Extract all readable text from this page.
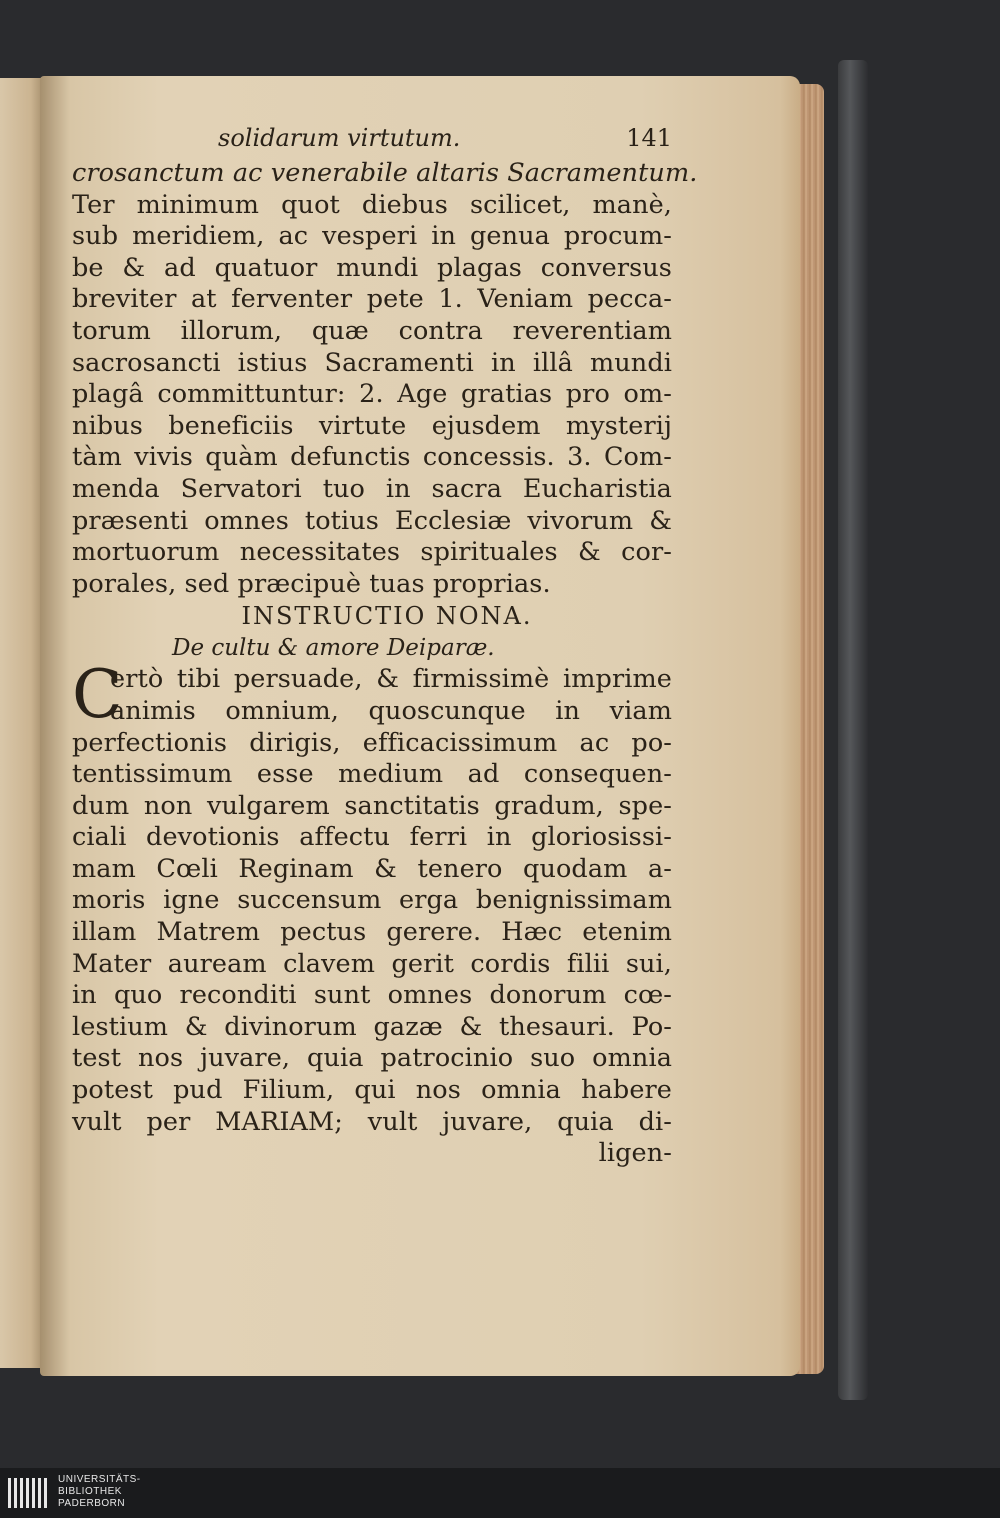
solidarum virtutum.	141
crosanctum ac venerabile altaris Sacramentum.
Ter minimum quot diebus scilicet, manè,
sub meridiem, ac vesperi in genua procum-
be & ad quatuor mundi plagas conversus
breviter at ferventer pete 1. Veniam pecca-
torum illorum, quæ contra reverentiam
sacrosancti istius Sacramenti in illâ mundi
plagâ committuntur: 2. Age gratias pro om-
nibus beneficiis virtute ejusdem mysterij
tàm vivis quàm defunctis concessis. 3. Com-
menda Servatori tuo in sacra Eucharistia
præsenti omnes totius Ecclesiæ vivorum &
mortuorum necessitates spirituales & cor-
porales, sed præcipuè tuas proprias.
INSTRUCTIO NONA.
De cultu & amore Deiparæ.
C
ertò tibi persuade, & firmissimè imprime
animis omnium, quoscunque in viam
perfectionis dirigis, efficacissimum ac po-
tentissimum esse medium ad consequen-
dum non vulgarem sanctitatis gradum, spe-
ciali devotionis affectu ferri in gloriosissi-
mam Cœli Reginam & tenero quodam a-
moris igne succensum erga benignissimam
illam Matrem pectus gerere. Hæc etenim
Mater auream clavem gerit cordis filii sui,
in quo reconditi sunt omnes donorum cœ-
lestium & divinorum gazæ & thesauri. Po-
test nos juvare, quia patrocinio suo omnia
potest pud Filium, qui nos omnia habere
vult per MARIAM; vult juvare, quia di-
ligen-
UNIVERSITÄTS-
BIBLIOTHEK
PADERBORN
